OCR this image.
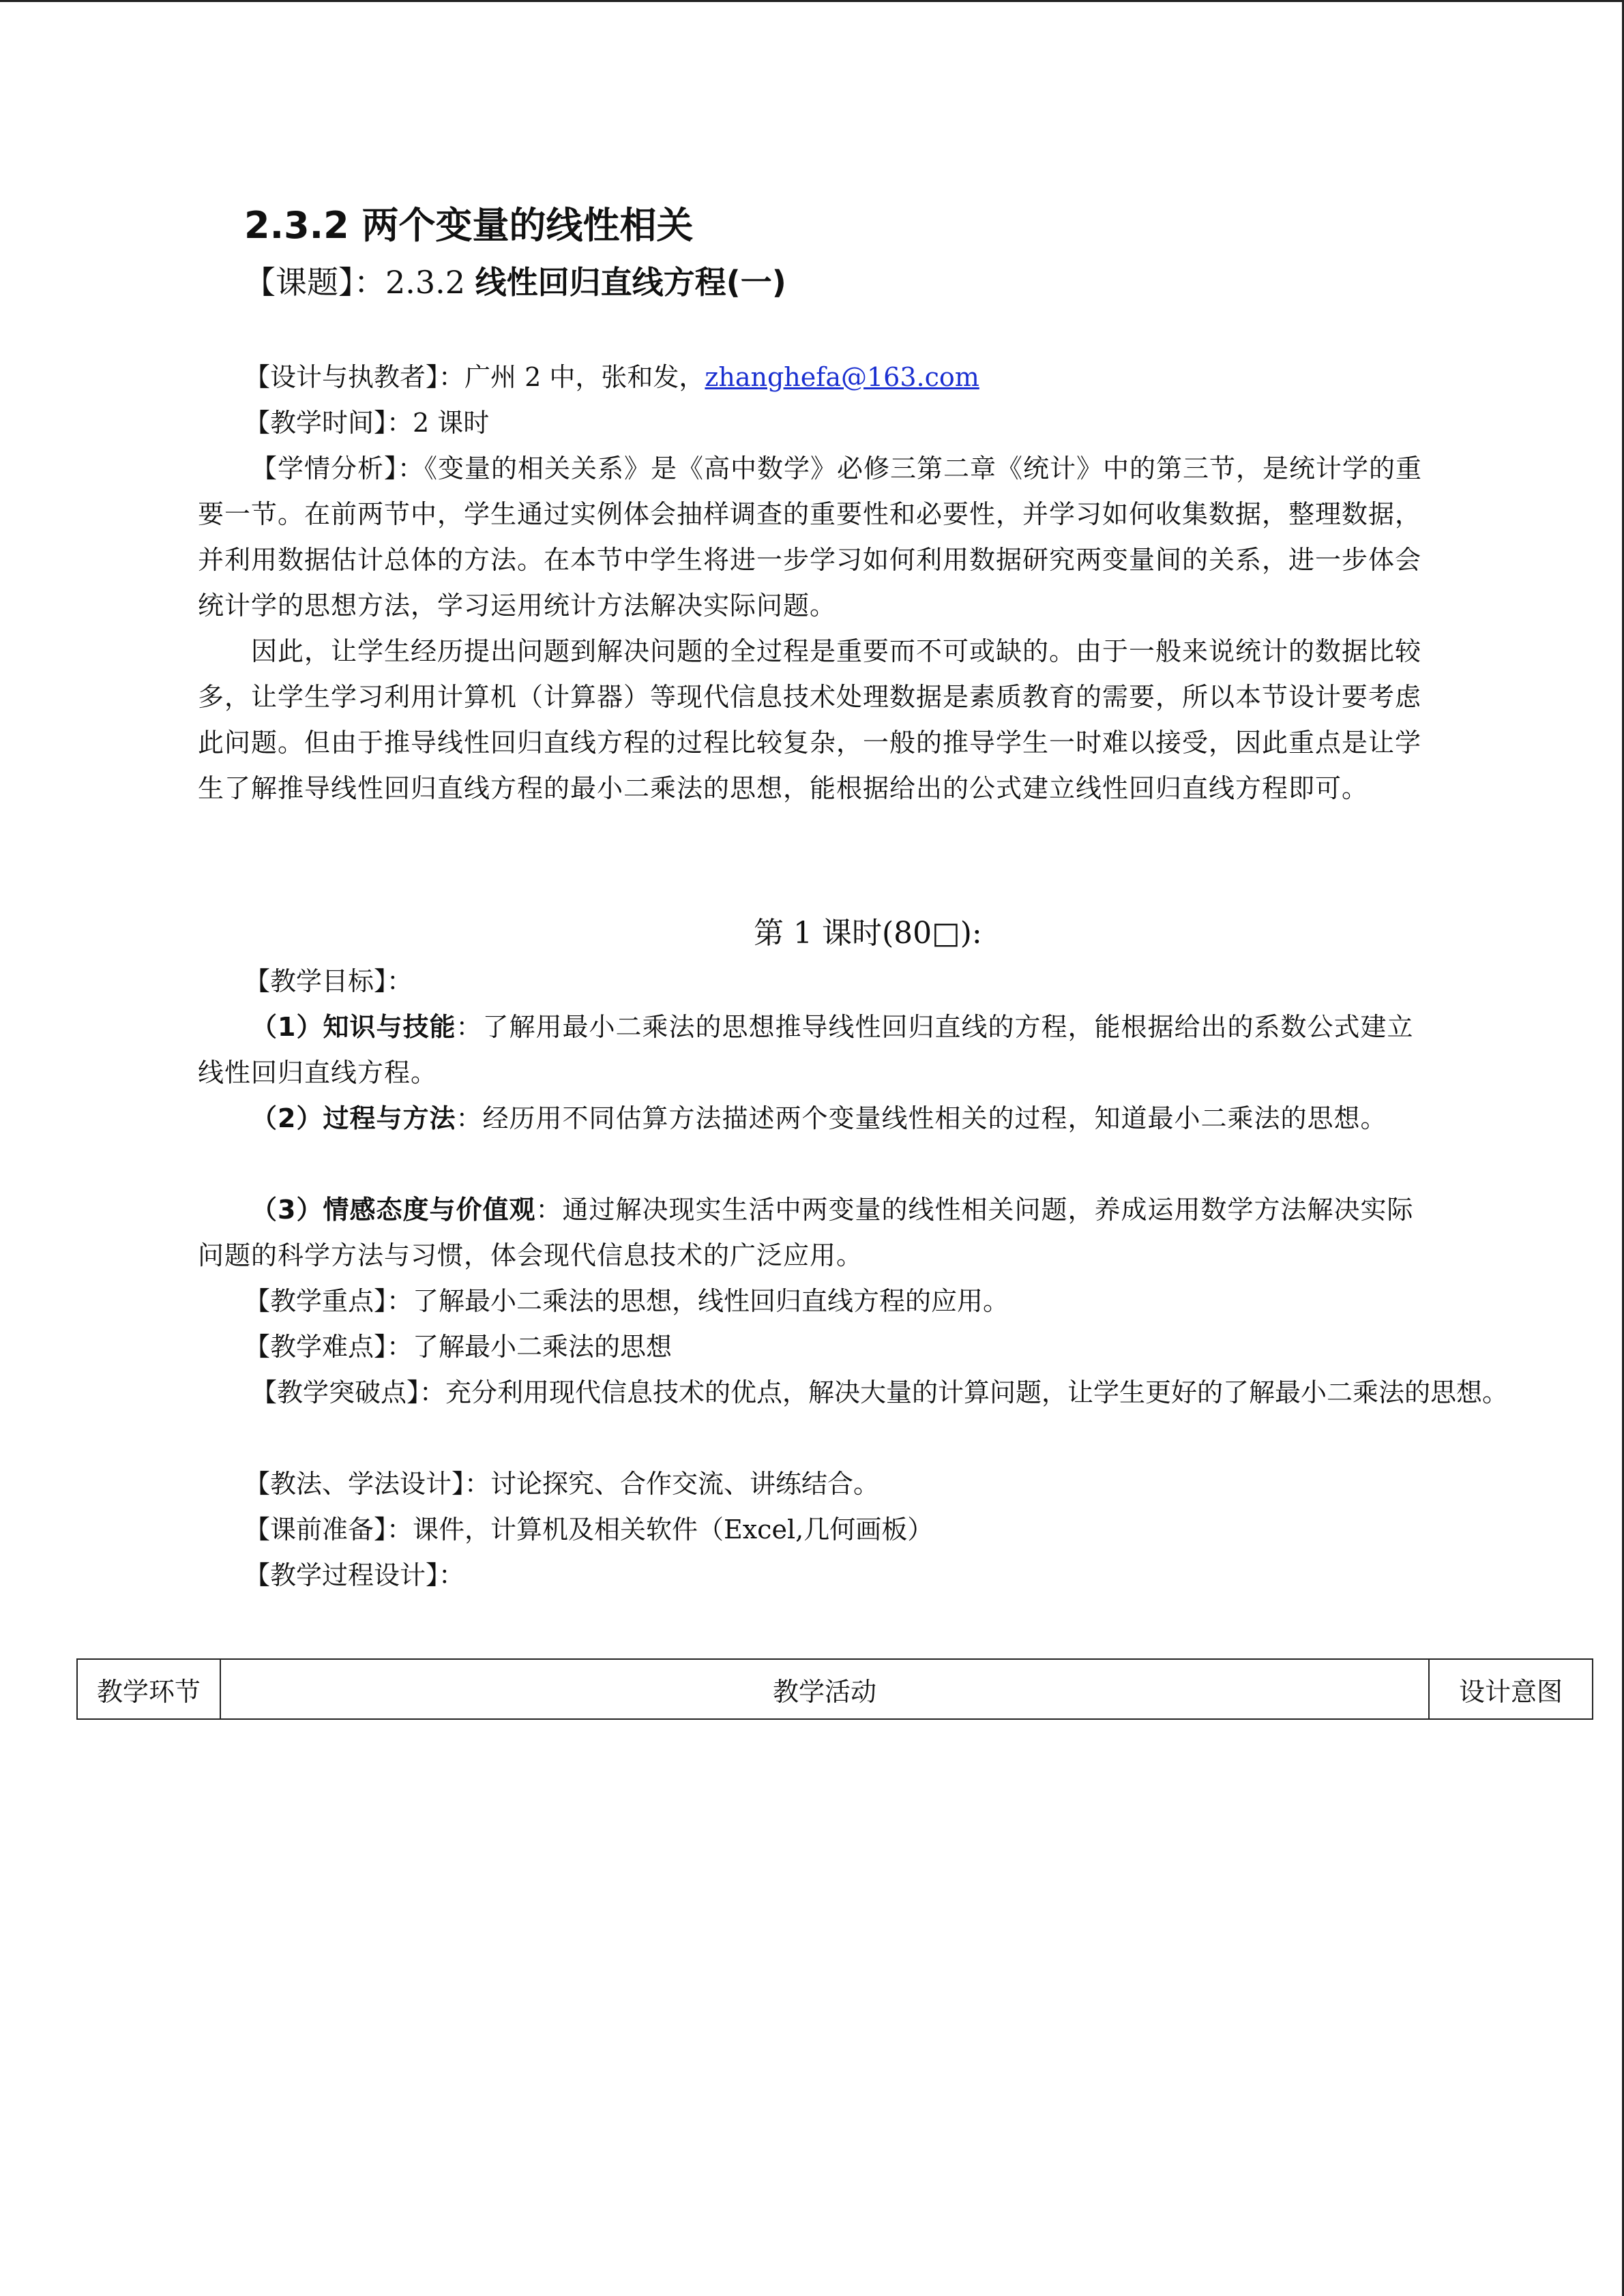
2.3.2 两个变量的线性相关
【课题】：2.3.2 线性回归直线方程(一)
【设计与执教者】：广州 2 中，张和发，zhanghefa@163.com
【教学时间】：2 课时
【学情分析】：《变量的相关关系》是《高中数学》必修三第二章《统计》中的第三节，是统计学的重要一节。在前两节中，学生通过实例体会抽样调查的重要性和必要性，并学习如何收集数据，整理数据，并利用数据估计总体的方法。在本节中学生将进一步学习如何利用数据研究两变量间的关系，进一步体会统计学的思想方法，学习运用统计方法解决实际问题。
因此，让学生经历提出问题到解决问题的全过程是重要而不可或缺的。由于一般来说统计的数据比较多，让学生学习利用计算机（计算器）等现代信息技术处理数据是素质教育的需要，所以本节设计要考虑此问题。但由于推导线性回归直线方程的过程比较复杂，一般的推导学生一时难以接受，因此重点是让学生了解推导线性回归直线方程的最小二乘法的思想，能根据给出的公式建立线性回归直线方程即可。
第 1 课时(80□):
【教学目标】：
（1）知识与技能：了解用最小二乘法的思想推导线性回归直线的方程，能根据给出的系数公式建立线性回归直线方程。
（2）过程与方法：经历用不同估算方法描述两个变量线性相关的过程，知道最小二乘法的思想。
（3）情感态度与价值观：通过解决现实生活中两变量的线性相关问题，养成运用数学方法解决实际问题的科学方法与习惯，体会现代信息技术的广泛应用。
【教学重点】：了解最小二乘法的思想，线性回归直线方程的应用。
【教学难点】：了解最小二乘法的思想
【教学突破点】：充分利用现代信息技术的优点，解决大量的计算问题，让学生更好的了解最小二乘法的思想。
【教法、学法设计】：讨论探究、合作交流、讲练结合。
【课前准备】：课件，计算机及相关软件（Excel,几何画板）
【教学过程设计】：
教学环节	教学活动	设计意图
